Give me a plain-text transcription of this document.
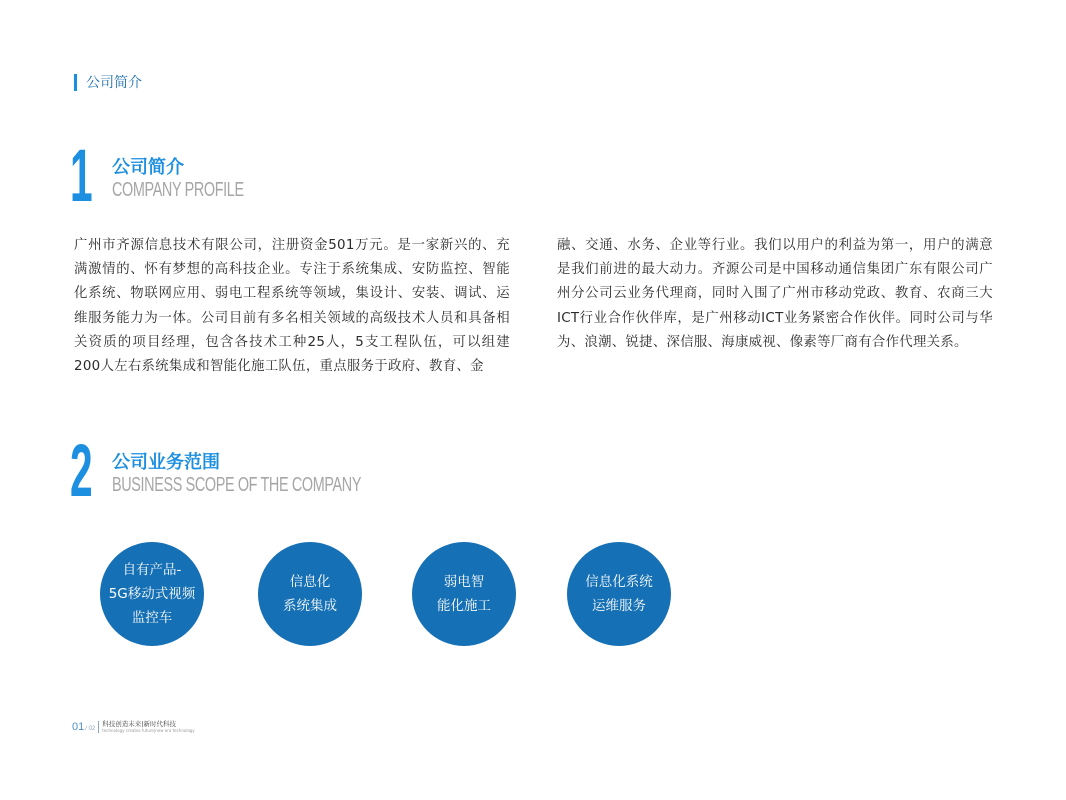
公司简介
1 公司简介
COMPANY PROFILE
广州市齐源信息技术有限公司，注册资金501万元。是一家新兴的、充满激情的、怀有梦想的高科技企业。专注于系统集成、安防监控、智能化系统、物联网应用、弱电工程系统等领域，集设计、安装、调试、运维服务能力为一体。公司目前有多名相关领域的高级技术人员和具备相关资质的项目经理，包含各技术工种25人，5支工程队伍，可以组建200人左右系统集成和智能化施工队伍，重点服务于政府、教育、金
融、交通、水务、企业等行业。我们以用户的利益为第一，用户的满意是我们前进的最大动力。齐源公司是中国移动通信集团广东有限公司广州分公司云业务代理商，同时入围了广州市移动党政、教育、农商三大ICT行业合作伙伴库，是广州移动ICT业务紧密合作伙伴。同时公司与华为、浪潮、锐捷、深信服、海康威视、像素等厂商有合作代理关系。
2 公司业务范围
BUSINESS SCOPE OF THE COMPANY
自有产品-
5G移动式视频
监控车
信息化
系统集成
弱电智
能化施工
信息化系统
运维服务
01 / 02
科技创造未来|新时代科技
technology creates future|new era technology
